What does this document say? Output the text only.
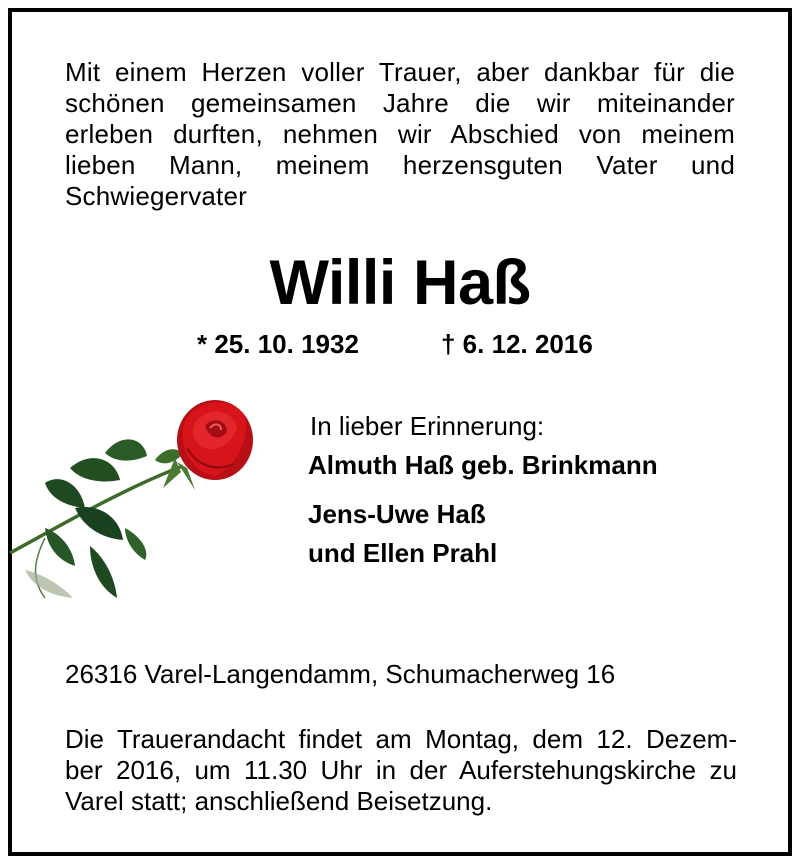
Mit einem Herzen voller Trauer, aber dankbar für die schönen gemeinsamen Jahre die wir miteinander erleben durften, nehmen wir Abschied von meinem lieben Mann, meinem herzensguten Vater und Schwiegervater

Willi Haß
* 25. 10. 1932	† 6. 12. 2016
In lieber Erinnerung:
Almuth Haß geb. Brinkmann
Jens-Uwe Haß
und Ellen Prahl
26316 Varel-Langendamm, Schumacherweg 16

Die Trauerandacht findet am Montag, dem 12. Dezem- ber 2016, um 11.30 Uhr in der Auferstehungskirche zu Varel statt; anschließend Beisetzung.
